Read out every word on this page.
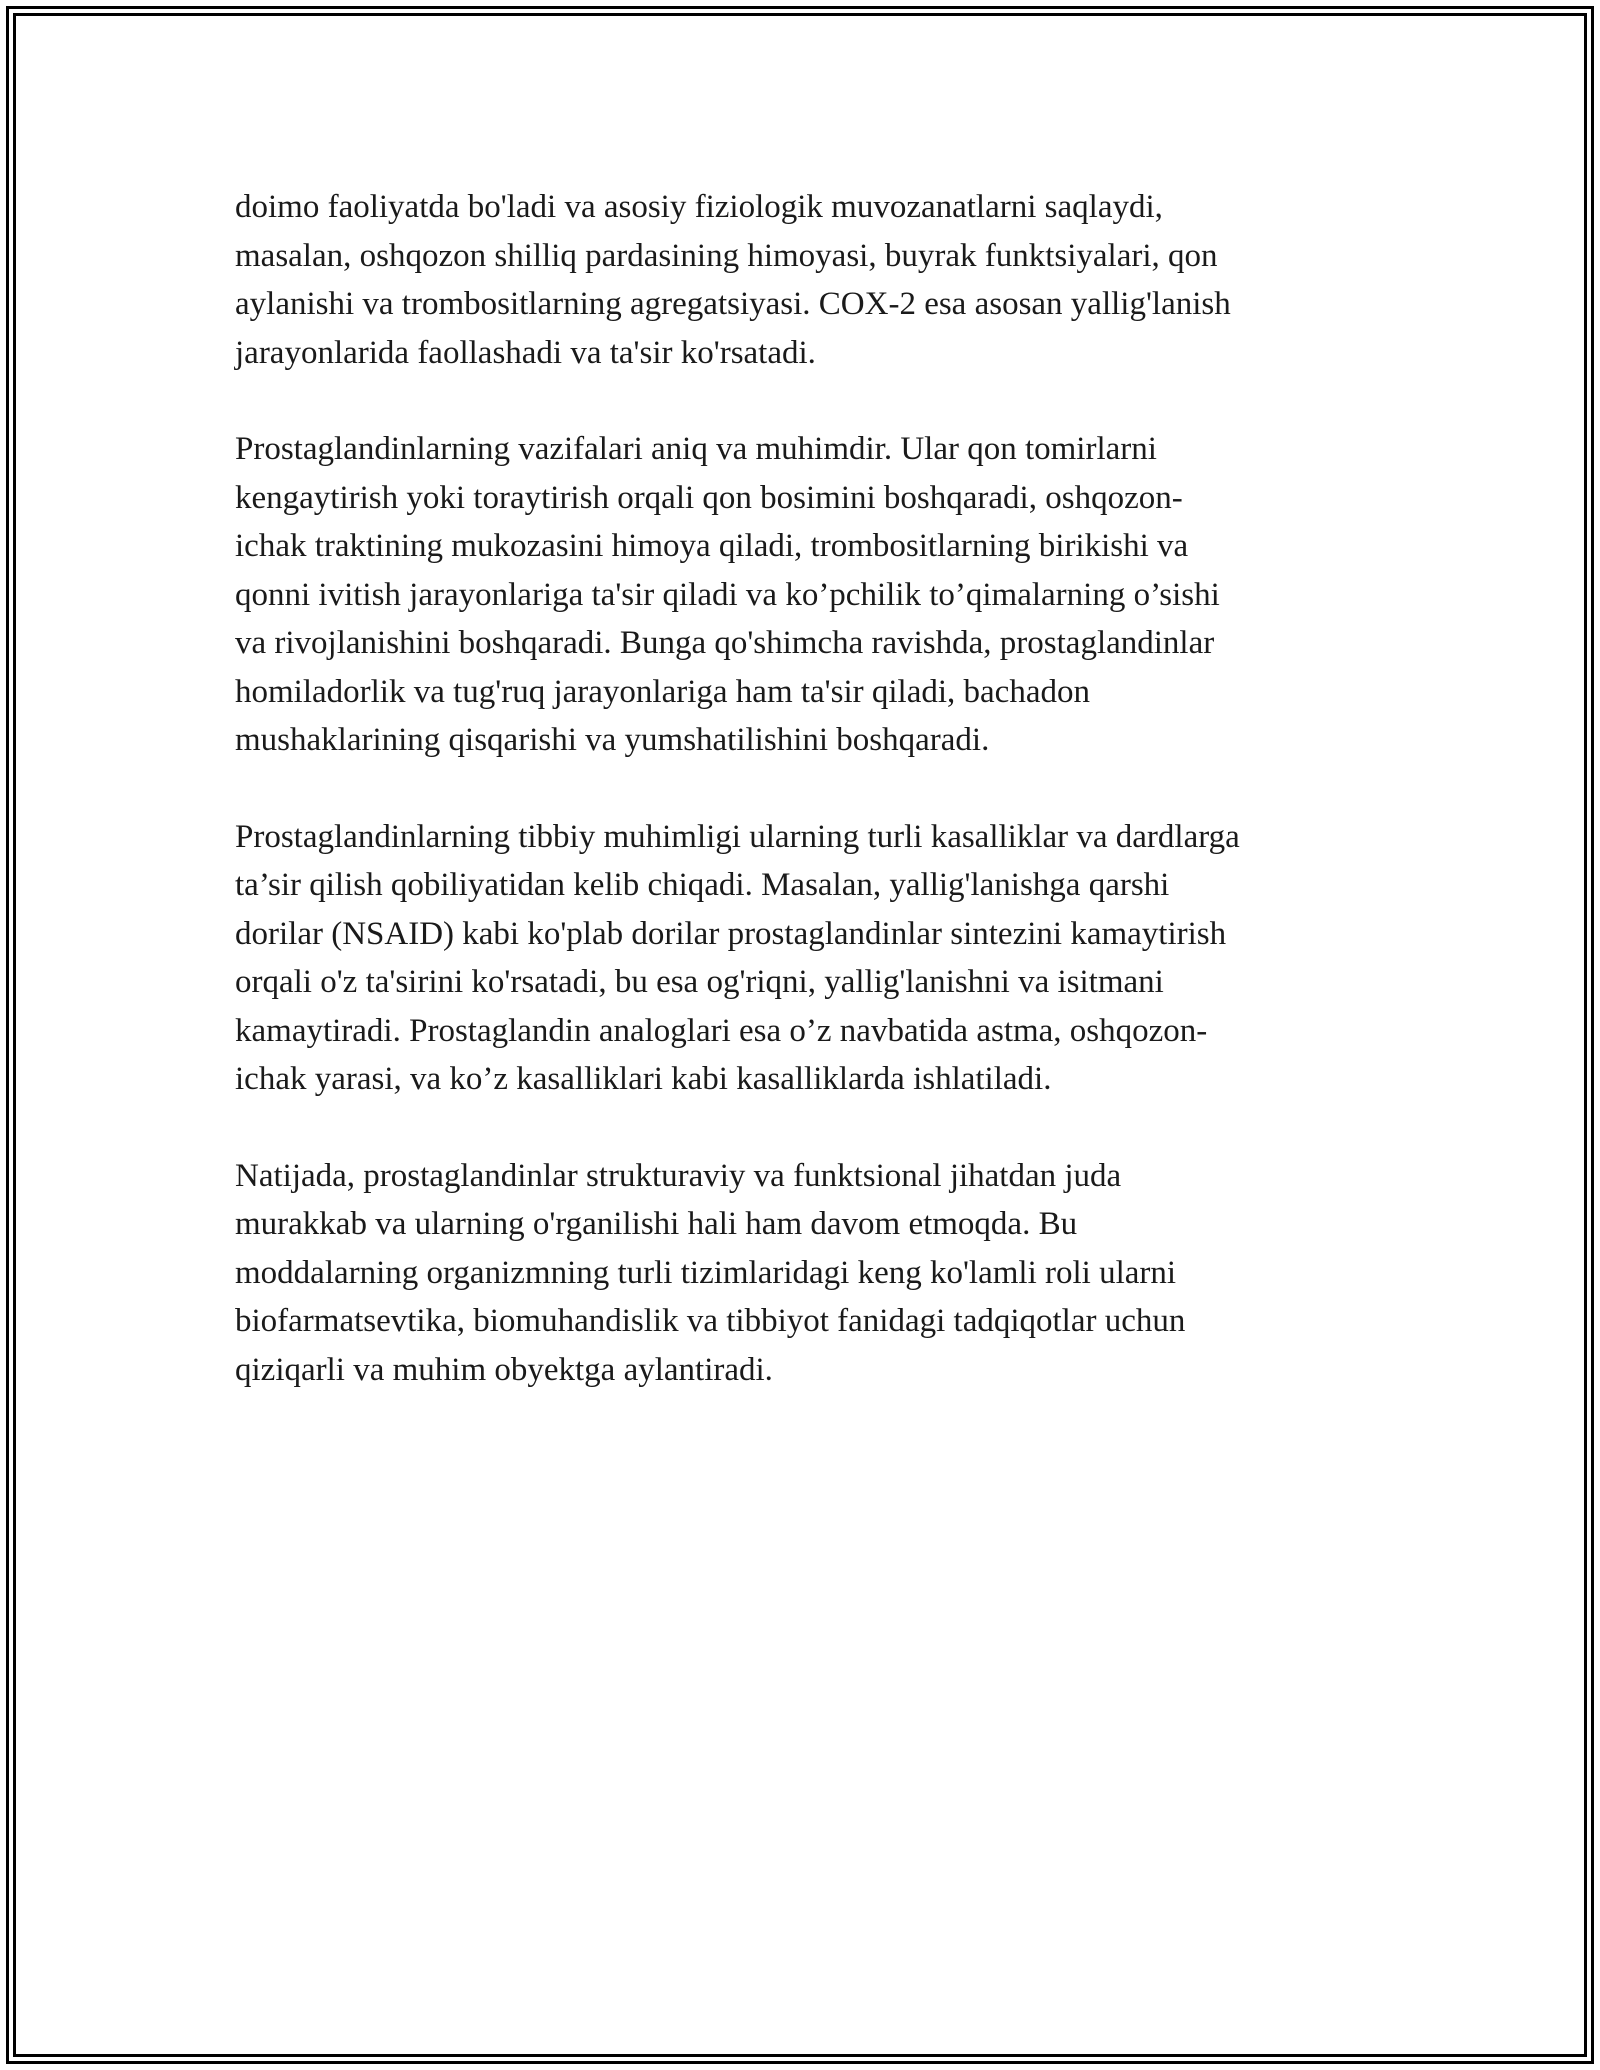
doimo faoliyatda bo'ladi va asosiy fiziologik muvozanatlarni saqlaydi,
masalan, oshqozon shilliq pardasining himoyasi, buyrak funktsiyalari, qon
aylanishi va trombositlarning agregatsiyasi. COX-2 esa asosan yallig'lanish
jarayonlarida faollashadi va ta'sir ko'rsatadi.

Prostaglandinlarning vazifalari aniq va muhimdir. Ular qon tomirlarni
kengaytirish yoki toraytirish orqali qon bosimini boshqaradi, oshqozon-
ichak traktining mukozasini himoya qiladi, trombositlarning birikishi va
qonni ivitish jarayonlariga ta'sir qiladi va ko’pchilik to’qimalarning o’sishi
va rivojlanishini boshqaradi. Bunga qo'shimcha ravishda, prostaglandinlar
homiladorlik va tug'ruq jarayonlariga ham ta'sir qiladi, bachadon
mushaklarining qisqarishi va yumshatilishini boshqaradi.

Prostaglandinlarning tibbiy muhimligi ularning turli kasalliklar va dardlarga
ta’sir qilish qobiliyatidan kelib chiqadi. Masalan, yallig'lanishga qarshi
dorilar (NSAID) kabi ko'plab dorilar prostaglandinlar sintezini kamaytirish
orqali o'z ta'sirini ko'rsatadi, bu esa og'riqni, yallig'lanishni va isitmani
kamaytiradi. Prostaglandin analoglari esa o’z navbatida astma, oshqozon-
ichak yarasi, va ko’z kasalliklari kabi kasalliklarda ishlatiladi.

Natijada, prostaglandinlar strukturaviy va funktsional jihatdan juda
murakkab va ularning o'rganilishi hali ham davom etmoqda. Bu
moddalarning organizmning turli tizimlaridagi keng ko'lamli roli ularni
biofarmatsevtika, biomuhandislik va tibbiyot fanidagi tadqiqotlar uchun
qiziqarli va muhim obyektga aylantiradi.
